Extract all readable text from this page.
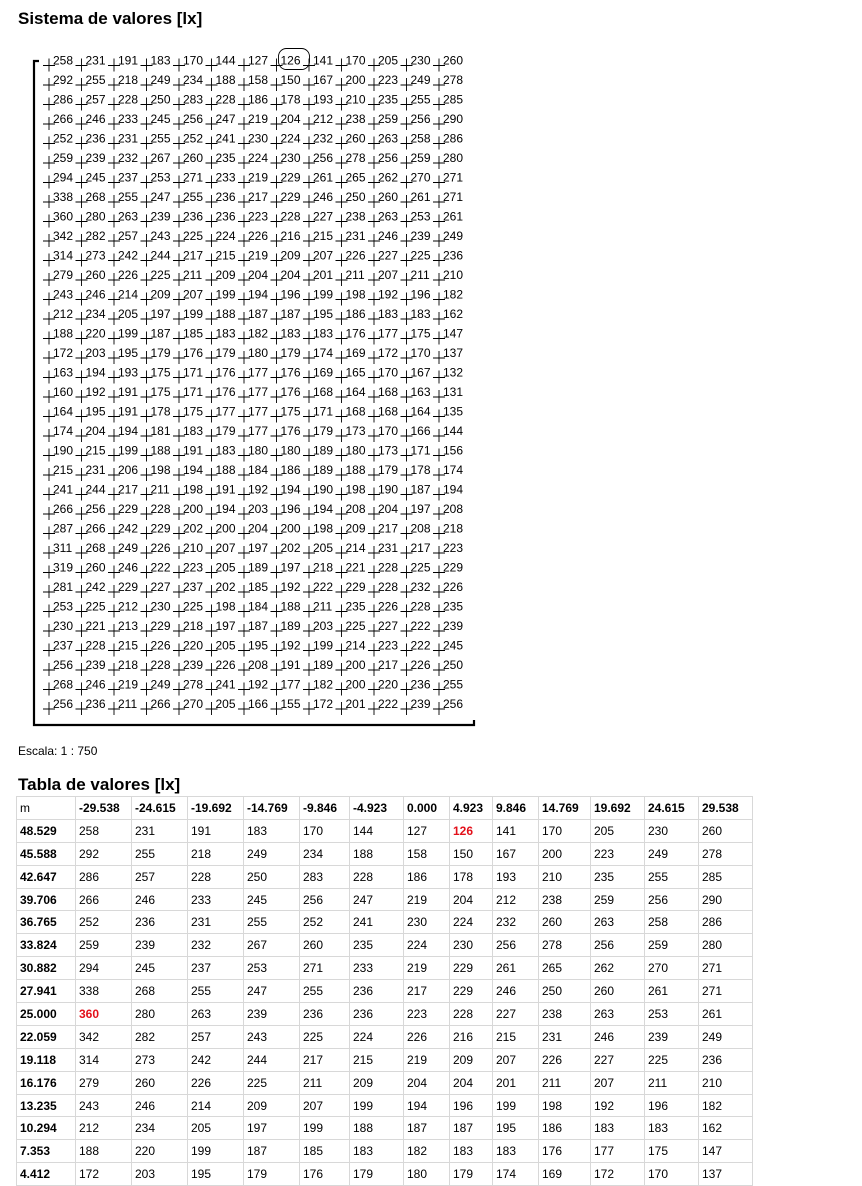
Sistema de valores [lx]
258 231 191 183 170 144 127 126 141 170 205 230 260
292 255 218 249 234 188 158 150 167 200 223 249 278
286 257 228 250 283 228 186 178 193 210 235 255 285
266 246 233 245 256 247 219 204 212 238 259 256 290
252 236 231 255 252 241 230 224 232 260 263 258 286
259 239 232 267 260 235 224 230 256 278 256 259 280
294 245 237 253 271 233 219 229 261 265 262 270 271
338 268 255 247 255 236 217 229 246 250 260 261 271
360 280 263 239 236 236 223 228 227 238 263 253 261
342 282 257 243 225 224 226 216 215 231 246 239 249
314 273 242 244 217 215 219 209 207 226 227 225 236
279 260 226 225 211 209 204 204 201 211 207 211 210
243 246 214 209 207 199 194 196 199 198 192 196 182
212 234 205 197 199 188 187 187 195 186 183 183 162
188 220 199 187 185 183 182 183 183 176 177 175 147
172 203 195 179 176 179 180 179 174 169 172 170 137
163 194 193 175 171 176 177 176 169 165 170 167 132
160 192 191 175 171 176 177 176 168 164 168 163 131
164 195 191 178 175 177 177 175 171 168 168 164 135
174 204 194 181 183 179 177 176 179 173 170 166 144
190 215 199 188 191 183 180 180 189 180 173 171 156
215 231 206 198 194 188 184 186 189 188 179 178 174
241 244 217 211 198 191 192 194 190 198 190 187 194
266 256 229 228 200 194 203 196 194 208 204 197 208
287 266 242 229 202 200 204 200 198 209 217 208 218
311 268 249 226 210 207 197 202 205 214 231 217 223
319 260 246 222 223 205 189 197 218 221 228 225 229
281 242 229 227 237 202 185 192 222 229 228 232 226
253 225 212 230 225 198 184 188 211 235 226 228 235
230 221 213 229 218 197 187 189 203 225 227 222 239
237 228 215 226 220 205 195 192 199 214 223 222 245
256 239 218 228 239 226 208 191 189 200 217 226 250
268 246 219 249 278 241 192 177 182 200 220 236 255
256 236 211 266 270 205 166 155 172 201 222 239 256
Escala: 1 : 750
Tabla de valores [lx]
m	-29.538	-24.615	-19.692	-14.769	-9.846	-4.923	0.000	4.923	9.846	14.769	19.692	24.615	29.538
48.529	258	231	191	183	170	144	127	126	141	170	205	230	260
45.588	292	255	218	249	234	188	158	150	167	200	223	249	278
42.647	286	257	228	250	283	228	186	178	193	210	235	255	285
39.706	266	246	233	245	256	247	219	204	212	238	259	256	290
36.765	252	236	231	255	252	241	230	224	232	260	263	258	286
33.824	259	239	232	267	260	235	224	230	256	278	256	259	280
30.882	294	245	237	253	271	233	219	229	261	265	262	270	271
27.941	338	268	255	247	255	236	217	229	246	250	260	261	271
25.000	360	280	263	239	236	236	223	228	227	238	263	253	261
22.059	342	282	257	243	225	224	226	216	215	231	246	239	249
19.118	314	273	242	244	217	215	219	209	207	226	227	225	236
16.176	279	260	226	225	211	209	204	204	201	211	207	211	210
13.235	243	246	214	209	207	199	194	196	199	198	192	196	182
10.294	212	234	205	197	199	188	187	187	195	186	183	183	162
7.353	188	220	199	187	185	183	182	183	183	176	177	175	147
4.412	172	203	195	179	176	179	180	179	174	169	172	170	137
